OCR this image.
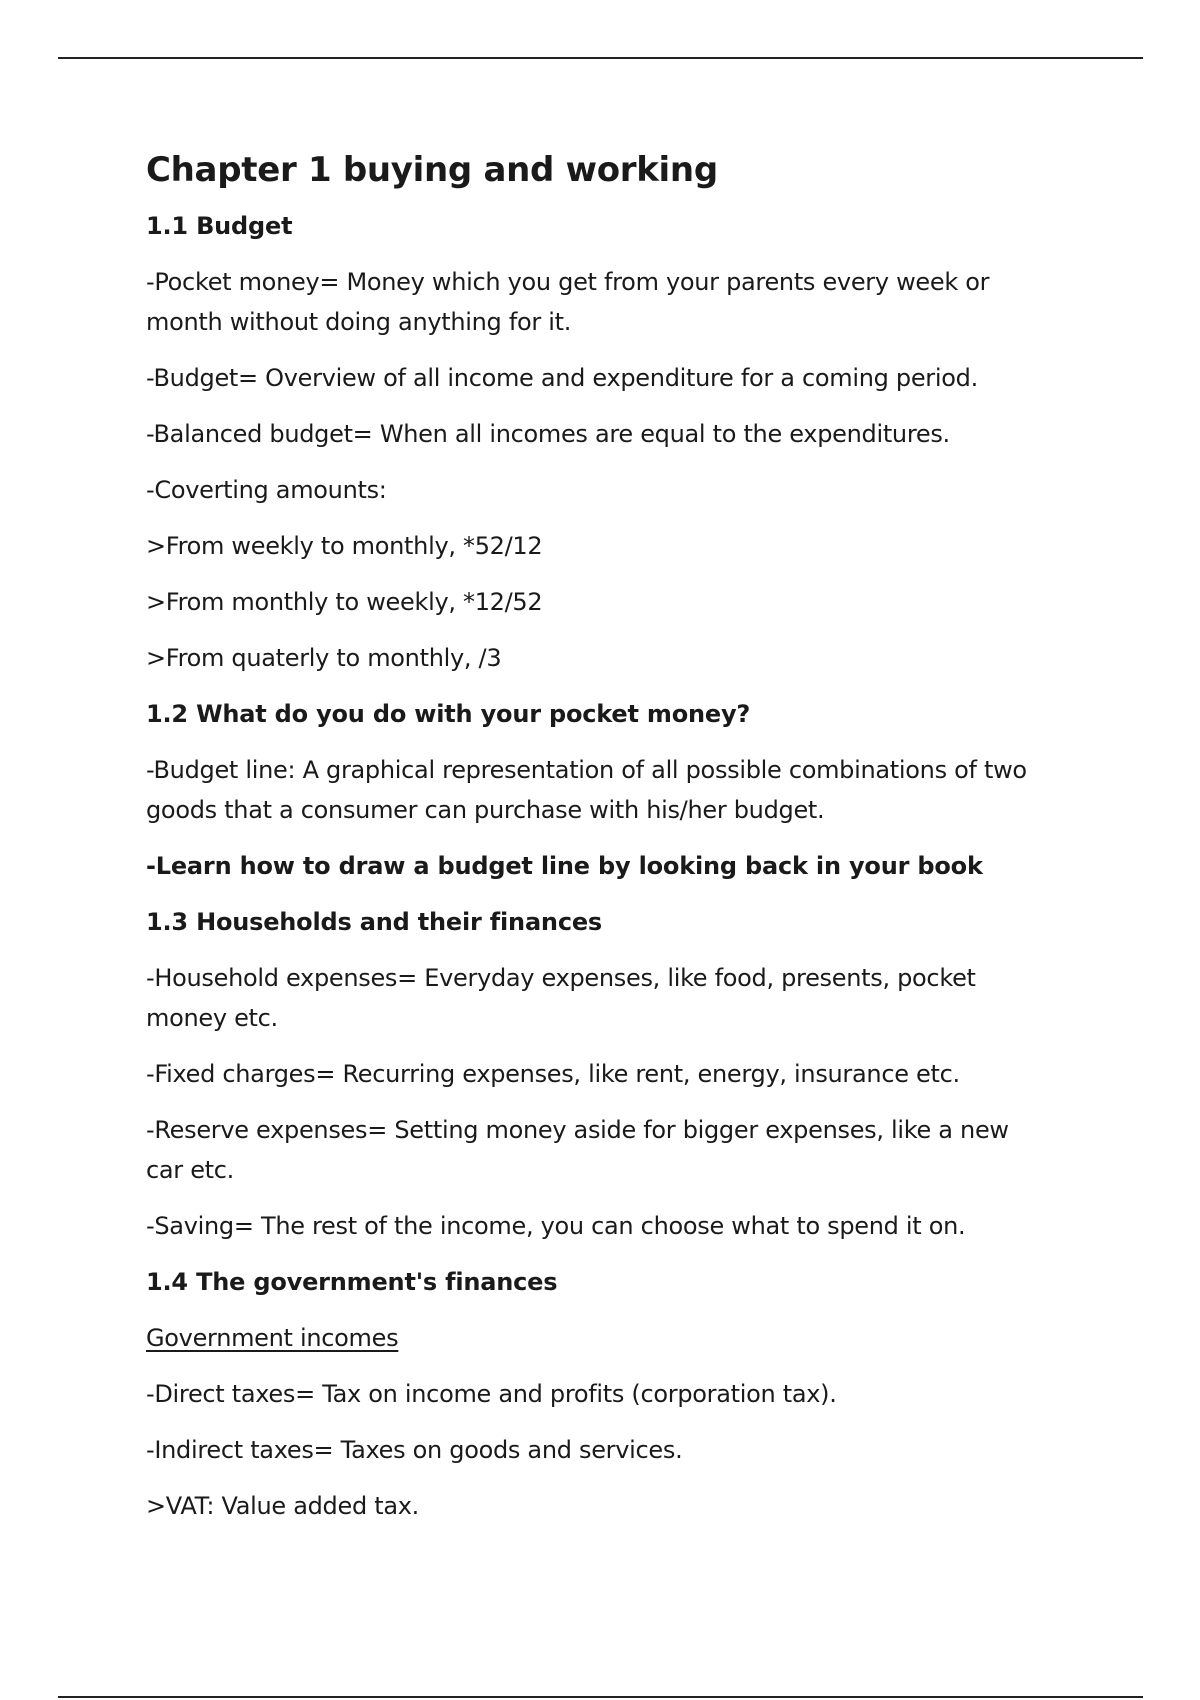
Chapter 1 buying and working
1.1 Budget
-Pocket money= Money which you get from your parents every week or month without doing anything for it.
-Budget= Overview of all income and expenditure for a coming period.
-Balanced budget= When all incomes are equal to the expenditures.
-Coverting amounts:
>From weekly to monthly, *52/12
>From monthly to weekly, *12/52
>From quaterly to monthly, /3
1.2 What do you do with your pocket money?
-Budget line: A graphical representation of all possible combinations of two goods that a consumer can purchase with his/her budget.
-Learn how to draw a budget line by looking back in your book
1.3 Households and their finances
-Household expenses= Everyday expenses, like food, presents, pocket money etc.
-Fixed charges= Recurring expenses, like rent, energy, insurance etc.
-Reserve expenses= Setting money aside for bigger expenses, like a new car etc.
-Saving= The rest of the income, you can choose what to spend it on.
1.4 The government's finances
Government incomes
-Direct taxes= Tax on income and profits (corporation tax).
-Indirect taxes= Taxes on goods and services.
>VAT: Value added tax.
